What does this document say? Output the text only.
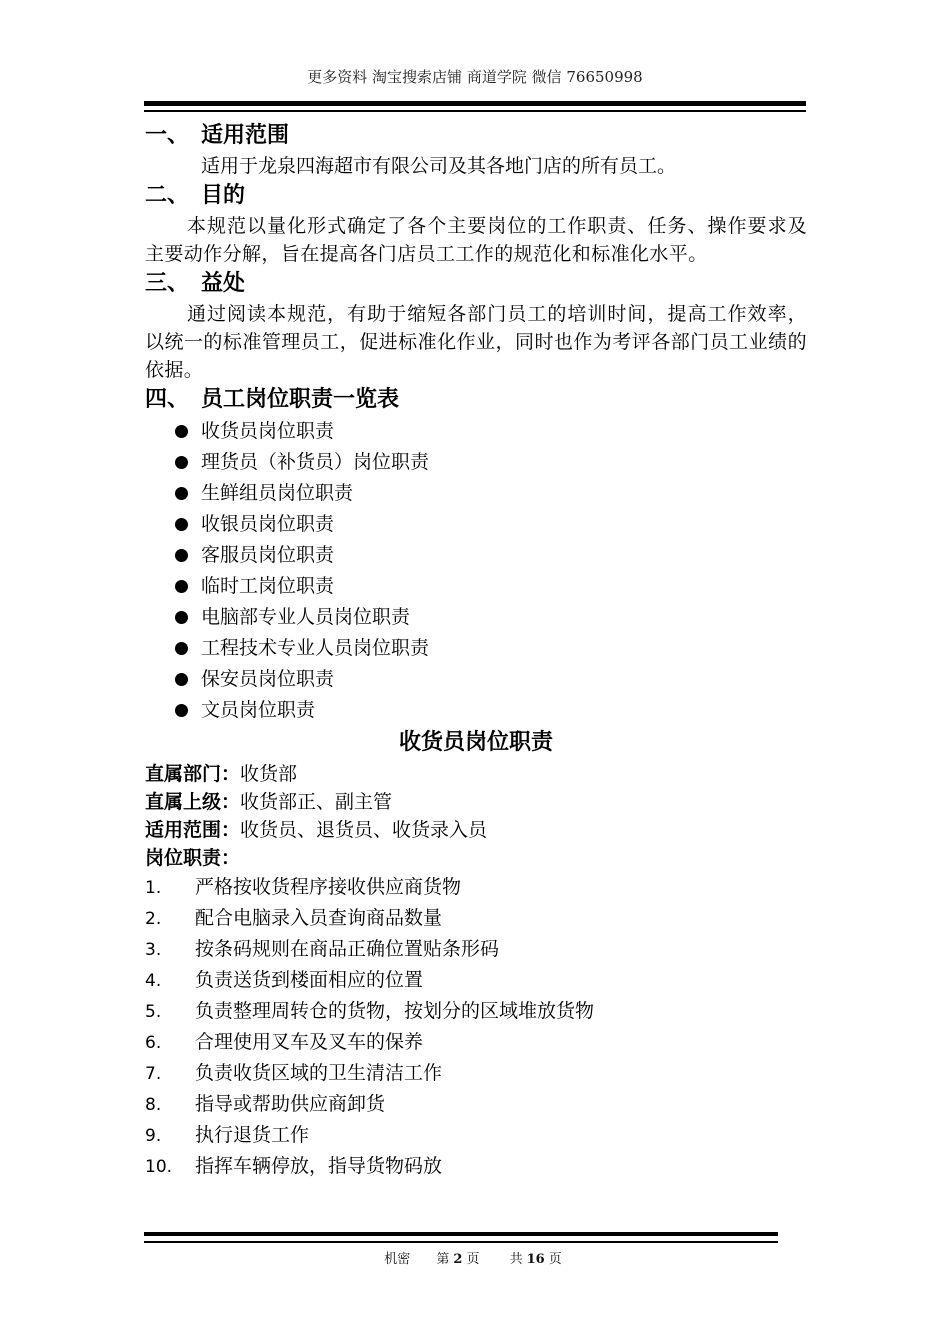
更多资料 淘宝搜索店铺 商道学院 微信 76650998
一、 适用范围
适用于龙泉四海超市有限公司及其各地门店的所有员工。
二、 目的
本规范以量化形式确定了各个主要岗位的工作职责、任务、操作要求及主要动作分解，旨在提高各门店员工工作的规范化和标准化水平。
三、 益处
通过阅读本规范，有助于缩短各部门员工的培训时间，提高工作效率，以统一的标准管理员工，促进标准化作业，同时也作为考评各部门员工业绩的依据。
四、 员工岗位职责一览表
收货员岗位职责
理货员（补货员）岗位职责
生鲜组员岗位职责
收银员岗位职责
客服员岗位职责
临时工岗位职责
电脑部专业人员岗位职责
工程技术专业人员岗位职责
保安员岗位职责
文员岗位职责
收货员岗位职责
直属部门：收货部
直属上级：收货部正、副主管
适用范围：收货员、退货员、收货录入员
岗位职责：
1. 严格按收货程序接收供应商货物
2. 配合电脑录入员查询商品数量
3. 按条码规则在商品正确位置贴条形码
4. 负责送货到楼面相应的位置
5. 负责整理周转仓的货物，按划分的区域堆放货物
6. 合理使用叉车及叉车的保养
7. 负责收货区域的卫生清洁工作
8. 指导或帮助供应商卸货
9. 执行退货工作
10. 指挥车辆停放，指导货物码放
机密 第 2 页 共 16 页
